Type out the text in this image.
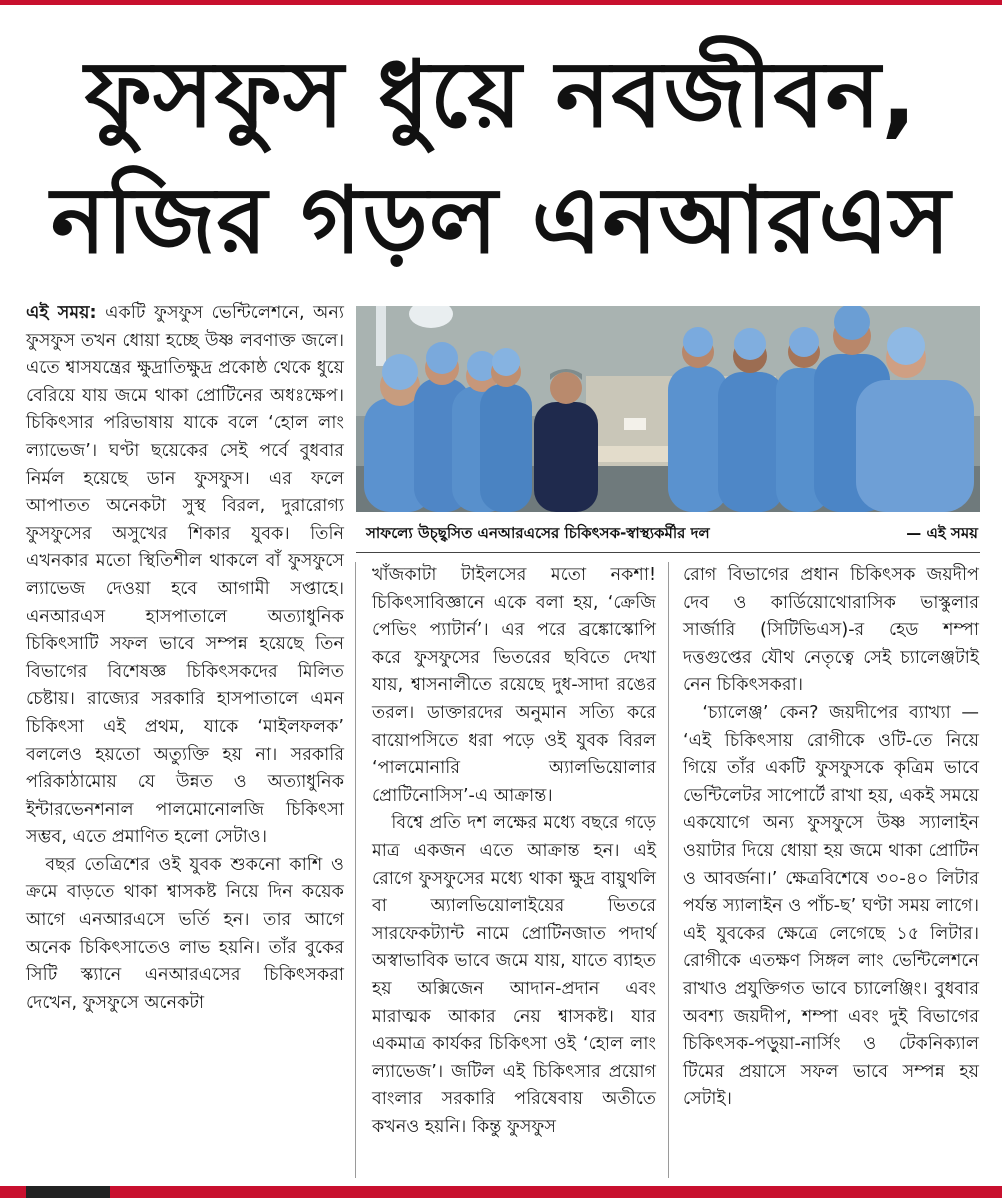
ফুসফুস ধুয়ে নবজীবন,
নজির গড়ল এনআরএস

এই সময়: একটি ফুসফুস ভেন্টিলেশনে, অন্য ফুসফুস তখন ধোয়া হচ্ছে উষ্ণ লবণাক্ত জলে। এতে শ্বাসযন্ত্রের ক্ষুদ্রাতিক্ষুদ্র প্রকোষ্ঠ থেকে ধুয়ে বেরিয়ে যায় জমে থাকা প্রোটিনের অধঃক্ষেপ। চিকিৎসার পরিভাষায় যাকে বলে ‘হোল লাং ল্যাভেজ’। ঘণ্টা ছয়েকের সেই পর্বে বুধবার নির্মল হয়েছে ডান ফুসফুস। এর ফলে আপাতত অনেকটা সুস্থ বিরল, দুরারোগ্য ফুসফুসের অসুখের শিকার যুবক। তিনি এখনকার মতো স্থিতিশীল থাকলে বাঁ ফুসফুসে ল্যাভেজ দেওয়া হবে আগামী সপ্তাহে। এনআরএস হাসপাতালে অত্যাধুনিক চিকিৎসাটি সফল ভাবে সম্পন্ন হয়েছে তিন বিভাগের বিশেষজ্ঞ চিকিৎসকদের মিলিত চেষ্টায়। রাজ্যের সরকারি হাসপাতালে এমন চিকিৎসা এই প্রথম, যাকে ‘মাইলফলক’ বললেও হয়তো অত্যুক্তি হয় না। সরকারি পরিকাঠামোয় যে উন্নত ও অত্যাধুনিক ইন্টারভেনশনাল পালমোনোলজি চিকিৎসা সম্ভব, এতে প্রমাণিত হলো সেটাও।

বছর তেত্রিশের ওই যুবক শুকনো কাশি ও ক্রমে বাড়তে থাকা শ্বাসকষ্ট নিয়ে দিন কয়েক আগে এনআরএসে ভর্তি হন। তার আগে অনেক চিকিৎসাতেও লাভ হয়নি। তাঁর বুকের সিটি স্ক্যানে এনআরএসের চিকিৎসকরা দেখেন, ফুসফুসে অনেকটা

সাফল্যে উচ্ছ্বসিত এনআরএসের চিকিৎসক-স্বাস্থ্যকর্মীর দল	— এই সময়

খাঁজকাটা টাইলসের মতো নকশা! চিকিৎসাবিজ্ঞানে একে বলা হয়, ‘ক্রেজি পেভিং প্যাটার্ন’। এর পরে ব্রঙ্কোস্কোপি করে ফুসফুসের ভিতরের ছবিতে দেখা যায়, শ্বাসনালীতে রয়েছে দুধ-সাদা রঙের তরল। ডাক্তারদের অনুমান সত্যি করে বায়োপসিতে ধরা পড়ে ওই যুবক বিরল ‘পালমোনারি অ্যালভিয়োলার প্রোটিনোসিস’-এ আক্রান্ত।

বিশ্বে প্রতি দশ লক্ষের মধ্যে বছরে গড়ে মাত্র একজন এতে আক্রান্ত হন। এই রোগে ফুসফুসের মধ্যে থাকা ক্ষুদ্র বায়ুথলি বা অ্যালভিয়োলাইয়ের ভিতরে সারফেকট্যান্ট নামে প্রোটিনজাত পদার্থ অস্বাভাবিক ভাবে জমে যায়, যাতে ব্যাহত হয় অক্সিজেন আদান-প্রদান এবং মারাত্মক আকার নেয় শ্বাসকষ্ট। যার একমাত্র কার্যকর চিকিৎসা ওই ‘হোল লাং ল্যাভেজ’। জটিল এই চিকিৎসার প্রয়োগ বাংলার সরকারি পরিষেবায় অতীতে কখনও হয়নি। কিন্তু ফুসফুস

রোগ বিভাগের প্রধান চিকিৎসক জয়দীপ দেব ও কার্ডিয়োথোরাসিক ভাস্কুলার সার্জারি (সিটিভিএস)-র হেড শম্পা দত্তগুপ্তের যৌথ নেতৃত্বে সেই চ্যালেঞ্জটাই নেন চিকিৎসকরা।

‘চ্যালেঞ্জ’ কেন? জয়দীপের ব্যাখ্যা — ‘এই চিকিৎসায় রোগীকে ওটি-তে নিয়ে গিয়ে তাঁর একটি ফুসফুসকে কৃত্রিম ভাবে ভেন্টিলেটর সাপোর্টে রাখা হয়, একই সময়ে একযোগে অন্য ফুসফুসে উষ্ণ স্যালাইন ওয়াটার দিয়ে ধোয়া হয় জমে থাকা প্রোটিন ও আবর্জনা।’ ক্ষেত্রবিশেষে ৩০-৪০ লিটার পর্যন্ত স্যালাইন ও পাঁচ-ছ’ ঘণ্টা সময় লাগে। এই যুবকের ক্ষেত্রে লেগেছে ১৫ লিটার। রোগীকে এতক্ষণ সিঙ্গল লাং ভেন্টিলেশনে রাখাও প্রযুক্তিগত ভাবে চ্যালেঞ্জিং। বুধবার অবশ্য জয়দীপ, শম্পা এবং দুই বিভাগের চিকিৎসক-পড়ুয়া-নার্সিং ও টেকনিক্যাল টিমের প্রয়াসে সফল ভাবে সম্পন্ন হয় সেটাই।
